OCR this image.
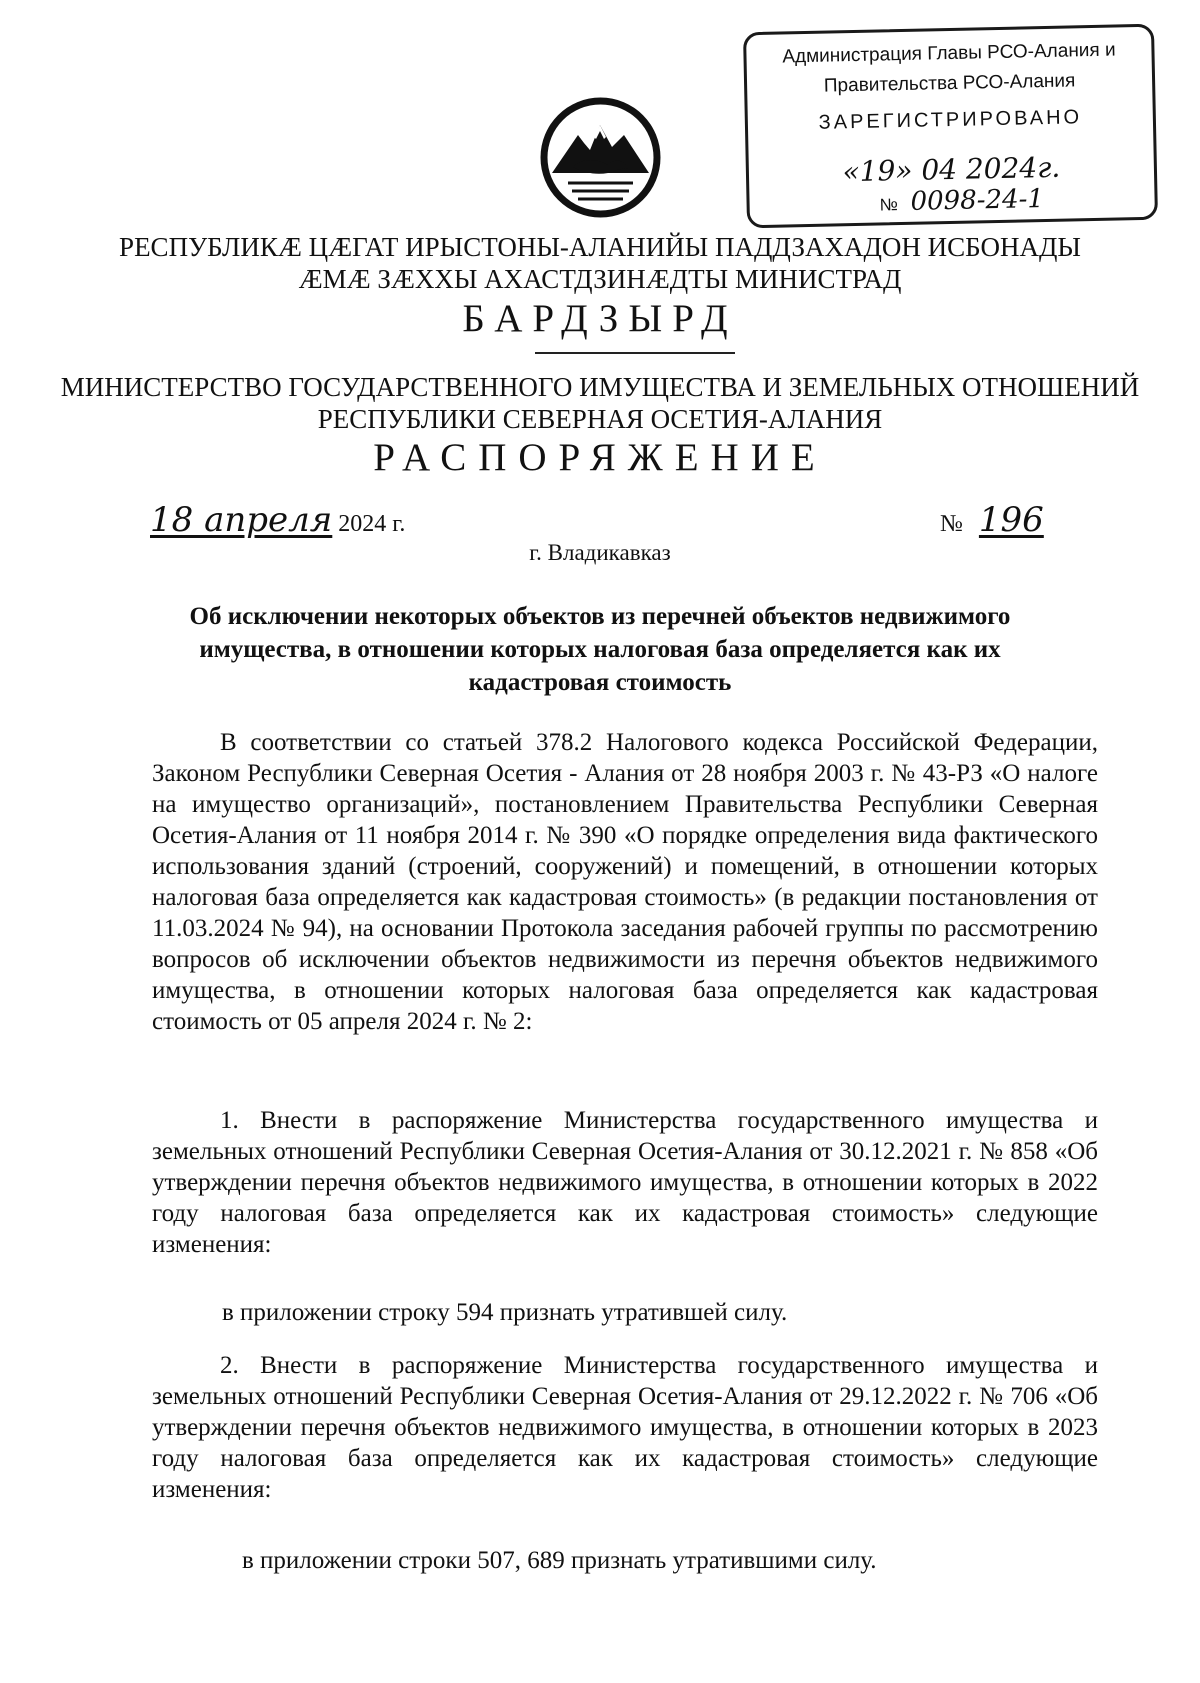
Администрация Главы РСО-Алания и
Правительства РСО-Алания
ЗАРЕГИСТРИРОВАНО
«19» 04 2024г.
№ 0098-24-1
РЕСПУБЛИКӔ ЦӔГАТ ИРЫСТОНЫ-АЛАНИЙЫ ПАДДЗАХАДОН ИСБОНАДЫ
ӔМӔ ЗӔХХЫ АХАСТДЗИНӔДТЫ МИНИСТРАД
БАРДЗЫРД
МИНИСТЕРСТВО ГОСУДАРСТВЕННОГО ИМУЩЕСТВА И ЗЕМЕЛЬНЫХ ОТНОШЕНИЙ
РЕСПУБЛИКИ СЕВЕРНАЯ ОСЕТИЯ-АЛАНИЯ
РАСПОРЯЖЕНИЕ
18 апреля 2024 г.	№ 196
г. Владикавказ
Об исключении некоторых объектов из перечней объектов недвижимого имущества, в отношении которых налоговая база определяется как их кадастровая стоимость
В соответствии со статьей 378.2 Налогового кодекса Российской Федерации, Законом Республики Северная Осетия - Алания от 28 ноября 2003 г. № 43-РЗ «О налоге на имущество организаций», постановлением Правительства Республики Северная Осетия-Алания от 11 ноября 2014 г. № 390 «О порядке определения вида фактического использования зданий (строений, сооружений) и помещений, в отношении которых налоговая база определяется как кадастровая стоимость» (в редакции постановления от 11.03.2024 № 94), на основании Протокола заседания рабочей группы по рассмотрению вопросов об исключении объектов недвижимости из перечня объектов недвижимого имущества, в отношении которых налоговая база определяется как кадастровая стоимость от 05 апреля 2024 г. № 2:
1. Внести в распоряжение Министерства государственного имущества и земельных отношений Республики Северная Осетия-Алания от 30.12.2021 г. № 858 «Об утверждении перечня объектов недвижимого имущества, в отношении которых в 2022 году налоговая база определяется как их кадастровая стоимость» следующие изменения:
в приложении строку 594 признать утратившей силу.
2. Внести в распоряжение Министерства государственного имущества и земельных отношений Республики Северная Осетия-Алания от 29.12.2022 г. № 706 «Об утверждении перечня объектов недвижимого имущества, в отношении которых в 2023 году налоговая база определяется как их кадастровая стоимость» следующие изменения:
в приложении строки 507, 689 признать утратившими силу.
